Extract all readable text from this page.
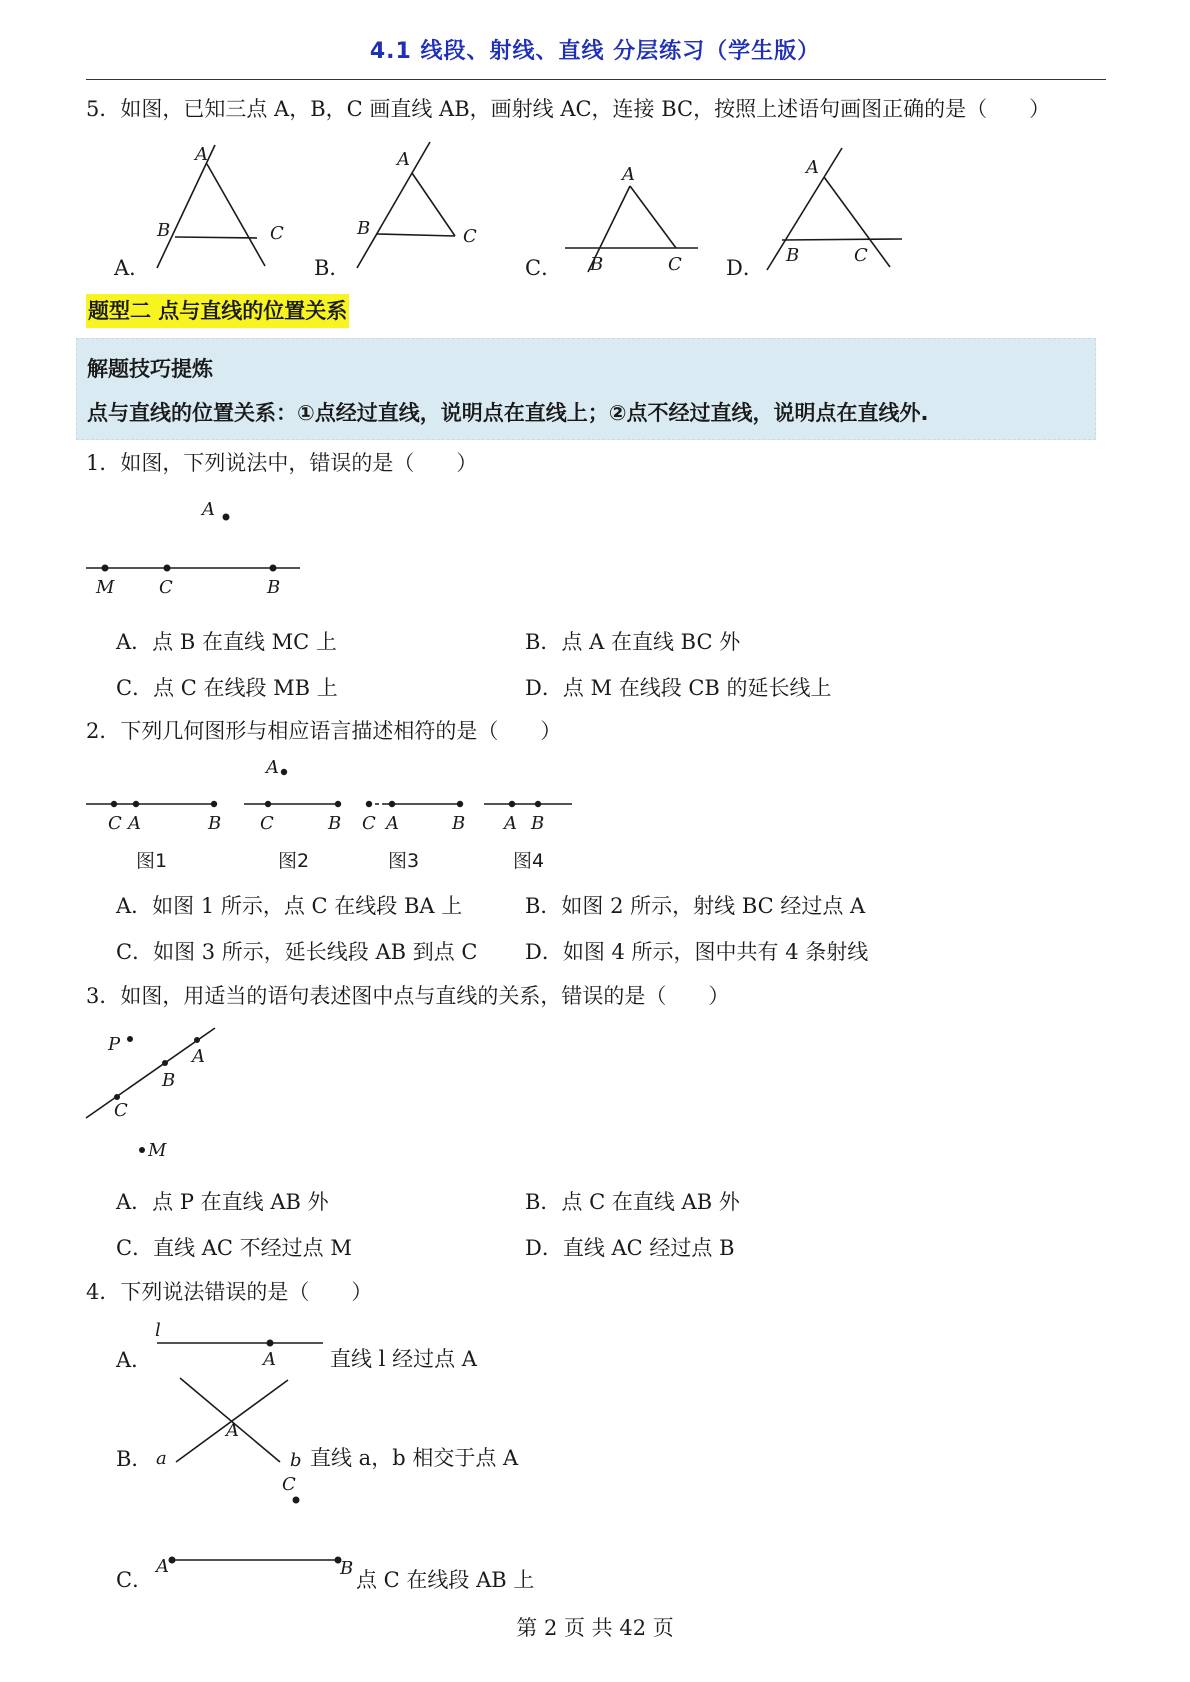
4.1 线段、射线、直线 分层练习（学生版）
5．如图，已知三点 A，B，C 画直线 AB，画射线 AC，连接 BC，按照上述语句画图正确的是（　　）
A．
A
B	C
B．
A
B	C
C．
A
B	C D．
A
B	C
题型二 点与直线的位置关系
解题技巧提炼
点与直线的位置关系：①点经过直线，说明点在直线上；②点不经过直线，说明点在直线外.
1．如图，下列说法中，错误的是（　　）
A
M C	B
A．点 B 在直线 MC 上	B．点 A 在直线 BC 外
C．点 C 在线段 MB 上	D．点 M 在线段 CB 的延长线上
2．下列几何图形与相应语言描述相符的是（　　）
C A	B
图1
A
C	B
图2
C A	B
图3
A B
图4
A．如图 1 所示，点 C 在线段 BA 上	B．如图 2 所示，射线 BC 经过点 A
C．如图 3 所示，延长线段 AB 到点 C D．如图 4 所示，图中共有 4 条射线
3．如图，用适当的语句表述图中点与直线的关系，错误的是（　　）
P
A
B
C
M
A．点 P 在直线 AB 外	B．点 C 在直线 AB 外
C．直线 AC 不经过点 M	D．直线 AC 经过点 B
4．下列说法错误的是（　　）
A．
l
A	直线 l 经过点 A
B．
A
a	b 直线 a，b 相交于点 A
C
A	B
C．	点 C 在线段 AB 上
第 2 页 共 42 页
